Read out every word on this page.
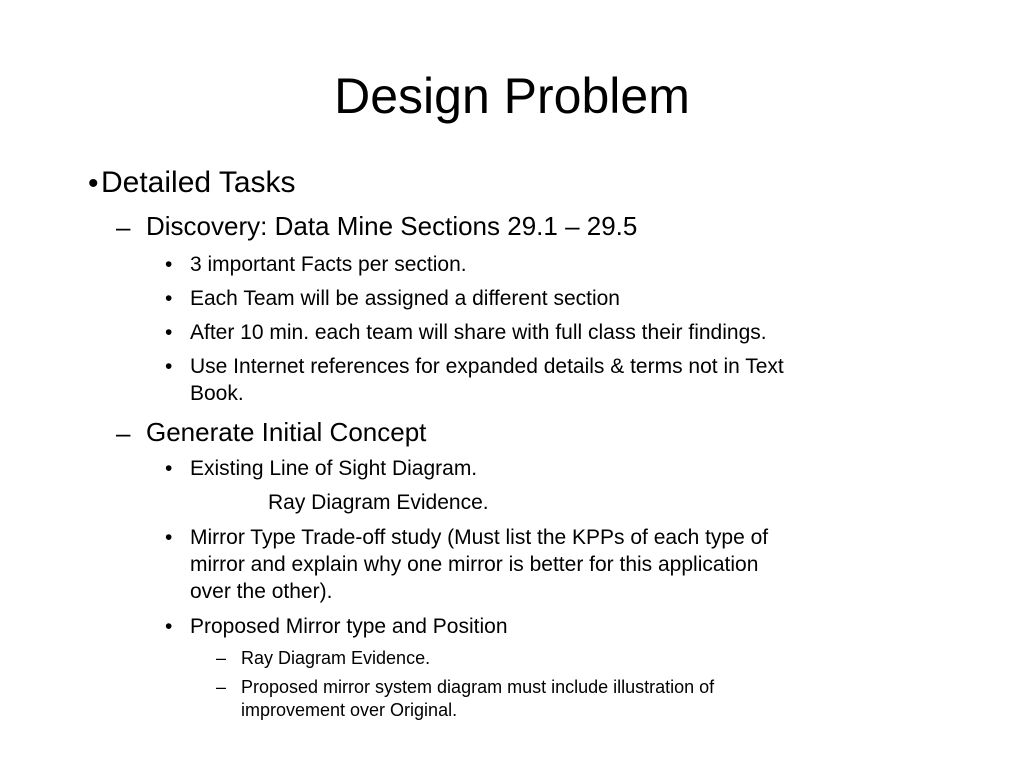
Design Problem
• Detailed Tasks
– Discovery: Data Mine Sections 29.1 – 29.5
• 3 important Facts per section.
• Each Team will be assigned a different section
• After 10 min. each team will share with full class their findings.
• Use Internet references for expanded details & terms not in Text
Book.
– Generate Initial Concept
• Existing Line of Sight Diagram.
Ray Diagram Evidence.
• Mirror Type Trade-off study (Must list the KPPs of each type of
mirror and explain why one mirror is better for this application
over the other).
• Proposed Mirror type and Position
– Ray Diagram Evidence.
– Proposed mirror system diagram must include illustration of
improvement over Original.
